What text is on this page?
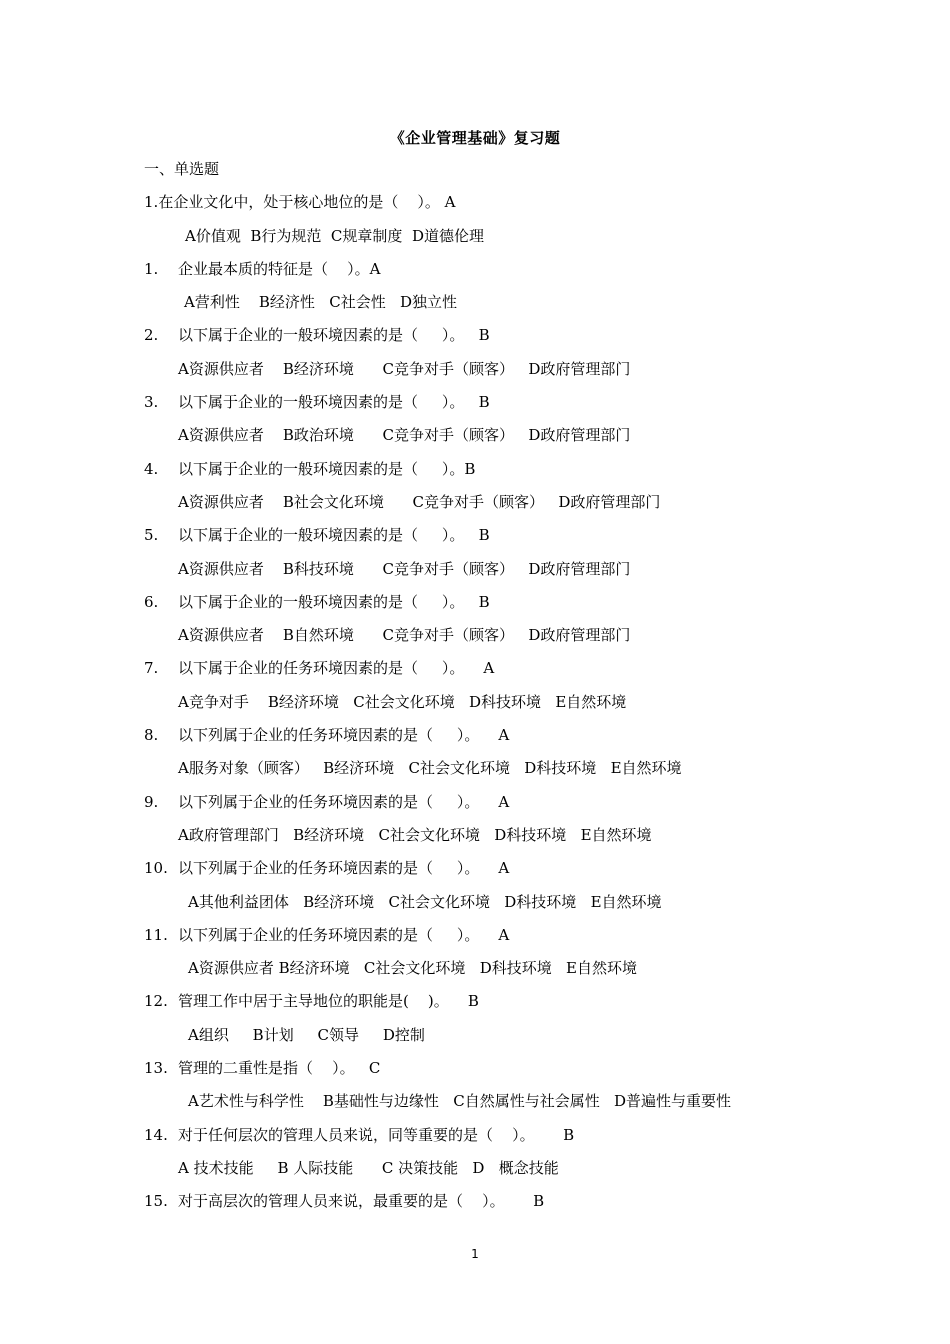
《企业管理基础》复习题
一、单选题
1.在企业文化中，处于核心地位的是（    ）。 A
A价值观  B行为规范  C规章制度  D道德伦理
1. 企业最本质的特征是（    ）。A
A营利性    B经济性   C社会性   D独立性
2. 以下属于企业的一般环境因素的是（     ）。   B
A资源供应者    B经济环境      C竞争对手（顾客）   D政府管理部门
3. 以下属于企业的一般环境因素的是（     ）。   B
A资源供应者    B政治环境      C竞争对手（顾客）   D政府管理部门
4. 以下属于企业的一般环境因素的是（     ）。B
A资源供应者    B社会文化环境      C竞争对手（顾客）   D政府管理部门
5. 以下属于企业的一般环境因素的是（     ）。   B
A资源供应者    B科技环境      C竞争对手（顾客）   D政府管理部门
6. 以下属于企业的一般环境因素的是（     ）。   B
A资源供应者    B自然环境      C竞争对手（顾客）   D政府管理部门
7. 以下属于企业的任务环境因素的是（     ）。    A
A竞争对手    B经济环境   C社会文化环境   D科技环境   E自然环境
8. 以下列属于企业的任务环境因素的是（     ）。    A
A服务对象（顾客）   B经济环境   C社会文化环境   D科技环境   E自然环境
9. 以下列属于企业的任务环境因素的是（     ）。    A
A政府管理部门   B经济环境   C社会文化环境   D科技环境   E自然环境
10. 以下列属于企业的任务环境因素的是（     ）。    A
A其他利益团体   B经济环境   C社会文化环境   D科技环境   E自然环境
11. 以下列属于企业的任务环境因素的是（     ）。    A
A资源供应者 B经济环境   C社会文化环境   D科技环境   E自然环境
12. 管理工作中居于主导地位的职能是(    )。    B
A组织     B计划     C领导     D控制
13. 管理的二重性是指（    ）。   C
A艺术性与科学性    B基础性与边缘性   C自然属性与社会属性   D普遍性与重要性
14. 对于任何层次的管理人员来说，同等重要的是（    ）。      B
A 技术技能     B 人际技能      C 决策技能   D   概念技能
15. 对于高层次的管理人员来说，最重要的是（    ）。      B
1
